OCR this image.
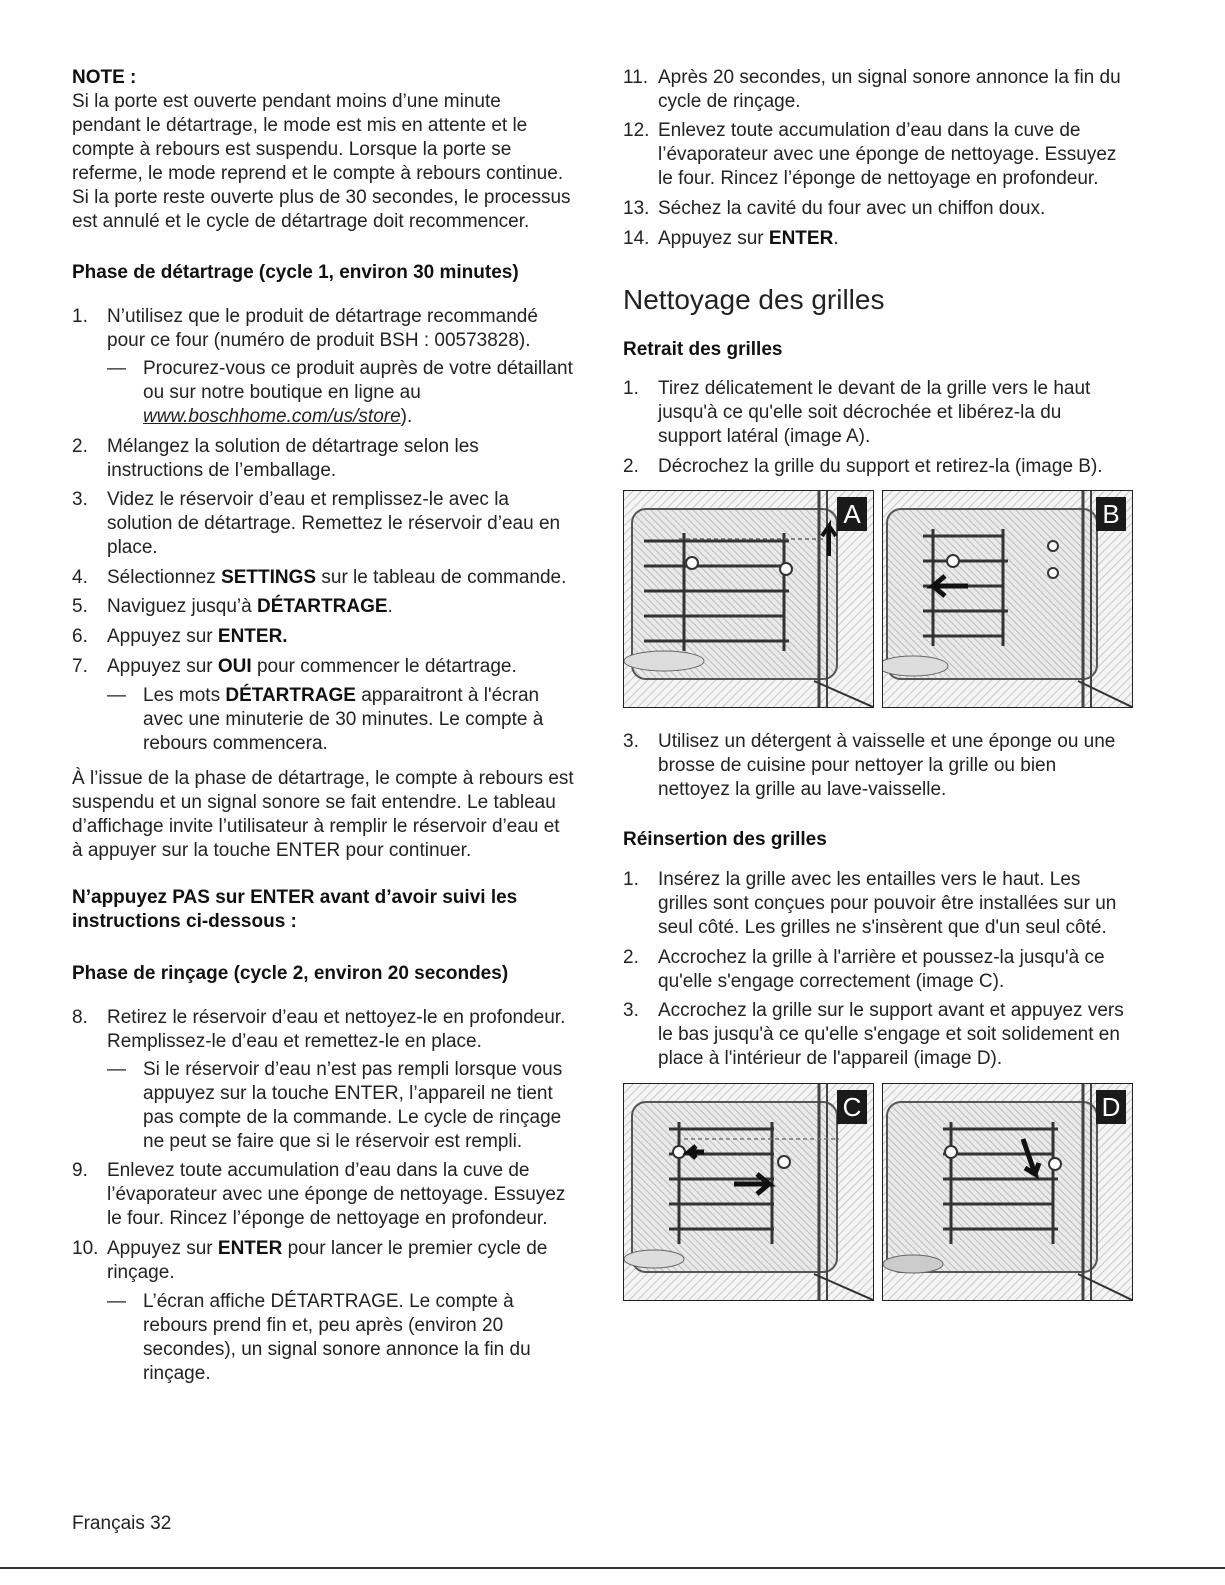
NOTE :
Si la porte est ouverte pendant moins d’une minute
pendant le détartrage, le mode est mis en attente et le
compte à rebours est suspendu. Lorsque la porte se
referme, le mode reprend et le compte à rebours continue.
Si la porte reste ouverte plus de 30 secondes, le processus
est annulé et le cycle de détartrage doit recommencer.
Phase de détartrage (cycle 1, environ 30 minutes)
1. N’utilisez que le produit de détartrage recommandé
pour ce four (numéro de produit BSH : 00573828).
— Procurez-vous ce produit auprès de votre détaillant
ou sur notre boutique en ligne au
www.boschhome.com/us/store).
2. Mélangez la solution de détartrage selon les
instructions de l’emballage.
3. Videz le réservoir d’eau et remplissez-le avec la
solution de détartrage. Remettez le réservoir d’eau en
place.
4. Sélectionnez SETTINGS sur le tableau de commande.
5. Naviguez jusqu’à DÉTARTRAGE.
6. Appuyez sur ENTER.
7. Appuyez sur OUI pour commencer le détartrage.
— Les mots DÉTARTRAGE apparaitront à l'écran
avec une minuterie de 30 minutes. Le compte à
rebours commencera.
À l’issue de la phase de détartrage, le compte à rebours est
suspendu et un signal sonore se fait entendre. Le tableau
d’affichage invite l’utilisateur à remplir le réservoir d’eau et
à appuyer sur la touche ENTER pour continuer.
N’appuyez PAS sur ENTER avant d’avoir suivi les
instructions ci-dessous :
Phase de rinçage (cycle 2, environ 20 secondes)
8. Retirez le réservoir d’eau et nettoyez-le en profondeur.
Remplissez-le d’eau et remettez-le en place.
— Si le réservoir d’eau n’est pas rempli lorsque vous
appuyez sur la touche ENTER, l’appareil ne tient
pas compte de la commande. Le cycle de rinçage
ne peut se faire que si le réservoir est rempli.
9. Enlevez toute accumulation d’eau dans la cuve de
l’évaporateur avec une éponge de nettoyage. Essuyez
le four. Rincez l’éponge de nettoyage en profondeur.
10. Appuyez sur ENTER pour lancer le premier cycle de
rinçage.
— L’écran affiche DÉTARTRAGE. Le compte à
rebours prend fin et, peu après (environ 20
secondes), un signal sonore annonce la fin du
rinçage.
11. Après 20 secondes, un signal sonore annonce la fin du
cycle de rinçage.
12. Enlevez toute accumulation d’eau dans la cuve de
l’évaporateur avec une éponge de nettoyage. Essuyez
le four. Rincez l’éponge de nettoyage en profondeur.
13. Séchez la cavité du four avec un chiffon doux.
14. Appuyez sur ENTER.
Nettoyage des grilles
Retrait des grilles
1. Tirez délicatement le devant de la grille vers le haut
jusqu'à ce qu'elle soit décrochée et libérez-la du
support latéral (image A).
2. Décrochez la grille du support et retirez-la (image B).
A	B
3. Utilisez un détergent à vaisselle et une éponge ou une
brosse de cuisine pour nettoyer la grille ou bien
nettoyez la grille au lave-vaisselle.
Réinsertion des grilles
1. Insérez la grille avec les entailles vers le haut. Les
grilles sont conçues pour pouvoir être installées sur un
seul côté. Les grilles ne s'insèrent que d'un seul côté.
2. Accrochez la grille à l'arrière et poussez-la jusqu'à ce
qu'elle s'engage correctement (image C).
3. Accrochez la grille sur le support avant et appuyez vers
le bas jusqu'à ce qu'elle s'engage et soit solidement en
place à l'intérieur de l'appareil (image D).
C	D
Français 32
